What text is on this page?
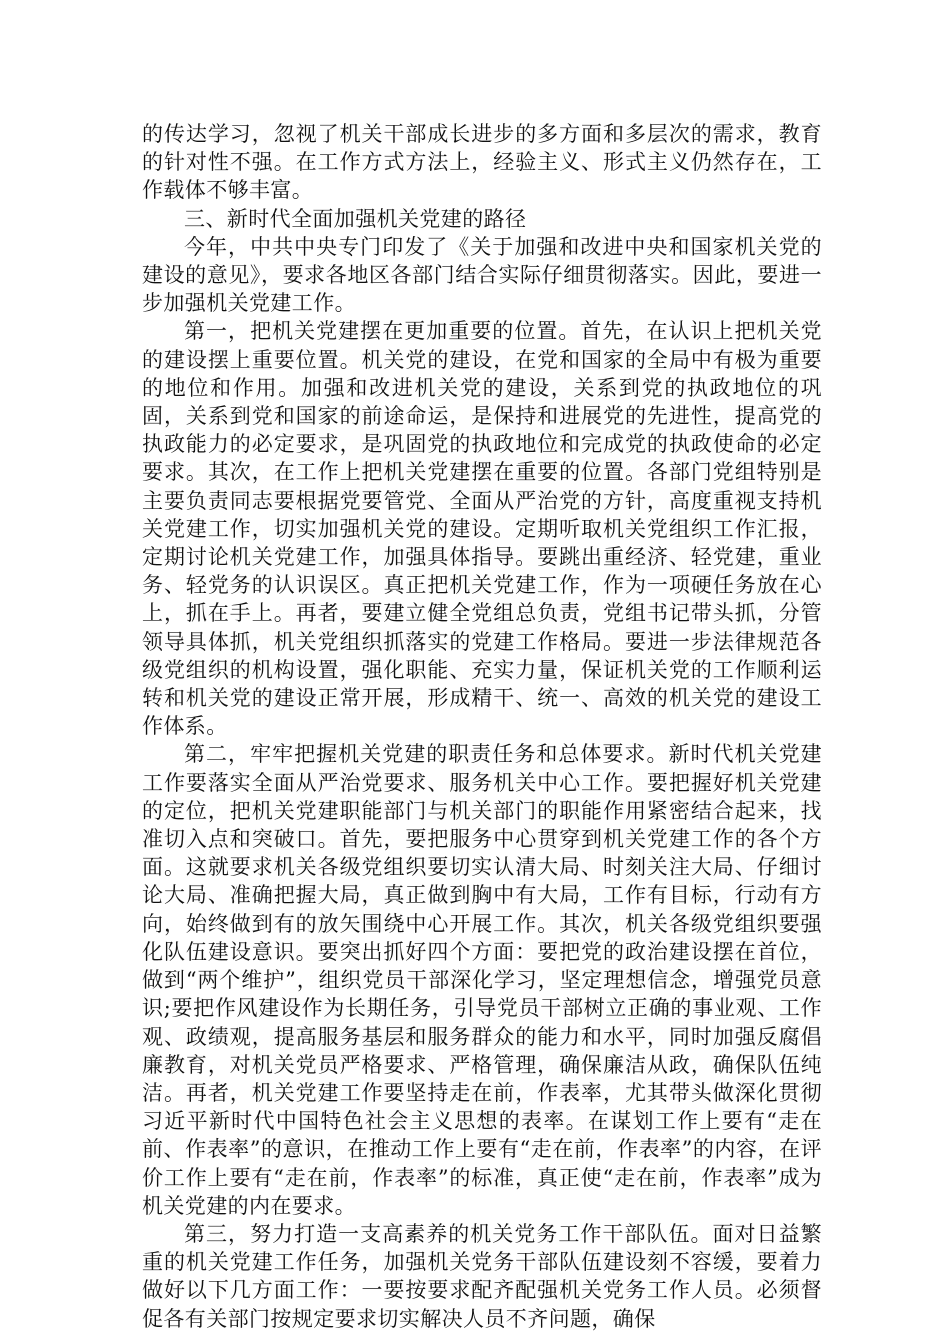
的传达学习，忽视了机关干部成长进步的多方面和多层次的需求，教育的针对性不强。在工作方式方法上，经验主义、形式主义仍然存在，工作载体不够丰富。

三、新时代全面加强机关党建的路径

今年，中共中央专门印发了《关于加强和改进中央和国家机关党的建设的意见》，要求各地区各部门结合实际仔细贯彻落实。因此，要进一步加强机关党建工作。

第一，把机关党建摆在更加重要的位置。首先，在认识上把机关党的建设摆上重要位置。机关党的建设，在党和国家的全局中有极为重要的地位和作用。加强和改进机关党的建设，关系到党的执政地位的巩固，关系到党和国家的前途命运，是保持和进展党的先进性，提高党的执政能力的必定要求，是巩固党的执政地位和完成党的执政使命的必定要求。其次，在工作上把机关党建摆在重要的位置。各部门党组特别是主要负责同志要根据党要管党、全面从严治党的方针，高度重视支持机关党建工作，切实加强机关党的建设。定期听取机关党组织工作汇报，定期讨论机关党建工作，加强具体指导。要跳出重经济、轻党建，重业务、轻党务的认识误区。真正把机关党建工作，作为一项硬任务放在心上，抓在手上。再者，要建立健全党组总负责，党组书记带头抓，分管领导具体抓，机关党组织抓落实的党建工作格局。要进一步法律规范各级党组织的机构设置，强化职能、充实力量，保证机关党的工作顺利运转和机关党的建设正常开展，形成精干、统一、高效的机关党的建设工作体系。

第二，牢牢把握机关党建的职责任务和总体要求。新时代机关党建工作要落实全面从严治党要求、服务机关中心工作。要把握好机关党建的定位，把机关党建职能部门与机关部门的职能作用紧密结合起来，找准切入点和突破口。首先，要把服务中心贯穿到机关党建工作的各个方面。这就要求机关各级党组织要切实认清大局、时刻关注大局、仔细讨论大局、准确把握大局，真正做到胸中有大局，工作有目标，行动有方向，始终做到有的放矢围绕中心开展工作。其次，机关各级党组织要强化队伍建设意识。要突出抓好四个方面：要把党的政治建设摆在首位，做到“两个维护”，组织党员干部深化学习，坚定理想信念，增强党员意识;要把作风建设作为长期任务，引导党员干部树立正确的事业观、工作观、政绩观，提高服务基层和服务群众的能力和水平，同时加强反腐倡廉教育，对机关党员严格要求、严格管理，确保廉洁从政，确保队伍纯洁。再者，机关党建工作要坚持走在前，作表率，尤其带头做深化贯彻习近平新时代中国特色社会主义思想的表率。在谋划工作上要有“走在前、作表率”的意识，在推动工作上要有“走在前，作表率”的内容，在评价工作上要有“走在前，作表率”的标准，真正使“走在前，作表率”成为机关党建的内在要求。

第三，努力打造一支高素养的机关党务工作干部队伍。面对日益繁重的机关党建工作任务，加强机关党务干部队伍建设刻不容缓，要着力做好以下几方面工作：一要按要求配齐配强机关党务工作人员。必须督促各有关部门按规定要求切实解决人员不齐问题，确保
